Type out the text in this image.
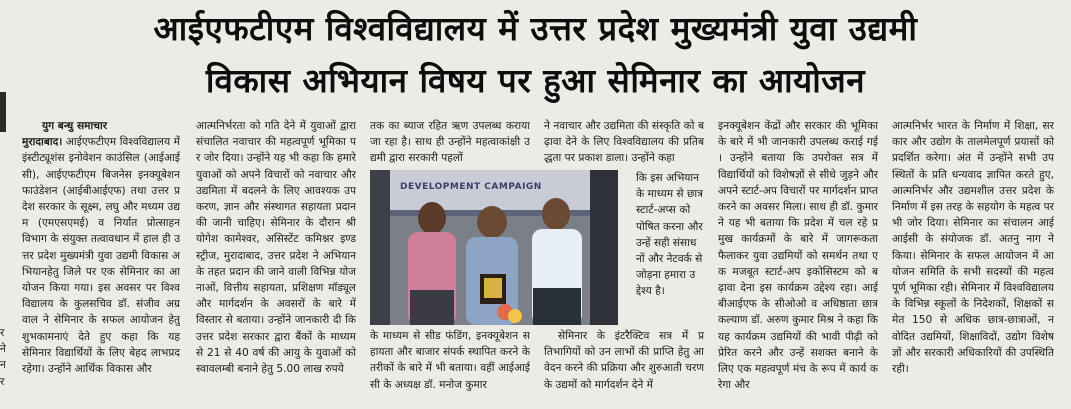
आईएफटीएम विश्वविद्यालय में उत्तर प्रदेश मुख्यमंत्री युवा उद्यमी
विकास अभियान विषय पर हुआ सेमिनार का आयोजन
र
ने
न
र

युग बन्धु समाचार

मुरादाबाद। आईएफटीएम विश्वविद्यालय में इंस्टीट्यूशंस इनोवेशन काउंसिल (आईआईसी), आईएफटीएम बिजनेस इनक्यूबेशन फाउंडेशन (आईबीआईएफ) तथा उत्तर प्रदेश सरकार के सूक्ष्म, लघु और मध्यम उद्यम (एमएसएमई) व निर्यात प्रोत्साहन विभाग के संयुक्त तत्वावधान में हाल ही उत्तर प्रदेश मुख्यमंत्री युवा उद्यमी विकास अभियानहेतु जिले पर एक सेमिनार का आयोजन किया गया। इस अवसर पर विश्वविद्यालय के कुलसचिव डॉ. संजीव अग्रवाल ने सेमिनार के सफल आयोजन हेतु शुभकामनाएं देते हुए कहा कि यह सेमिनार विद्यार्थियों के लिए बेहद लाभप्रद रहेगा। उन्होंने आर्थिक विकास और

आत्मनिर्भरता को गति देने में युवाओं द्वारा संचालित नवाचार की महत्वपूर्ण भूमिका पर जोर दिया। उन्होंने यह भी कहा कि हमारे युवाओं को अपने विचारों को नवाचार और उद्यमिता में बदलने के लिए आवश्यक उपकरण, ज्ञान और संस्थागत सहायता प्रदान की जानी चाहिए। सेमिनार के दौरान श्री योगेश कामेश्वर, असिस्टेंट कमिश्नर इण्डस्ट्रीज, मुरादाबाद, उत्तर प्रदेश ने अभियान के तहत प्रदान की जाने वाली विभिन्न योजनाओं, वित्तीय सहायता, प्रशिक्षण मॉड्यूल और मार्गदर्शन के अवसरों के बारे में विस्तार से बताया। उन्होंने जानकारी दी कि उत्तर प्रदेश सरकार द्वारा बैंकों के माध्यम से 21 से 40 वर्ष की आयु के युवाओं को स्वावलम्बी बनाने हेतु 5.00 लाख रुपये

तक का ब्याज रहित ऋण उपलब्ध कराया जा रहा है। साथ ही उन्होंने महत्वाकांक्षी उद्यमी द्वारा सरकारी पहलों

ने नवाचार और उद्यमिता की संस्कृति को बढ़ावा देने के लिए विश्वविद्यालय की प्रतिबद्धता पर प्रकाश डाला। उन्होंने कहा

DEVELOPMENT CAMPAIGN

कि इस अभियान के माध्यम से छात्र स्टार्ट-अप्स को पोषित करना और उन्हें सही संसाधनों और नेटवर्क से जोड़ना हमारा उद्देश्य है।

के माध्यम से सीड फंडिंग, इनक्यूबेशन सहायता और बाजार संपर्क स्थापित करने के तरीकों के बारे में भी बताया। वहीं आईआईसी के अध्यक्ष डॉ. मनोज कुमार

सेमिनार के इंटरैक्टिव सत्र में प्रतिभागियों को उन लाभों की प्राप्ति हेतु आवेदन करने की प्रक्रिया और शुरुआती चरण के उद्यमों को मार्गदर्शन देने में

इनक्यूबेशन केंद्रों और सरकार की भूमिका के बारे में भी जानकारी उपलब्ध कराई गई। उन्होंने बताया कि उपरोक्त सत्र में विद्यार्थियों को विशेषज्ञों से सीधे जुड़ने और अपने स्टार्ट-अप विचारों पर मार्गदर्शन प्राप्त करने का अवसर मिला। साथ ही डॉ. कुमार ने यह भी बताया कि प्रदेश में चल रहे प्रमुख कार्यक्रमों के बारे में जागरूकता फैलाकर युवा उद्यमियों को समर्थन तथा एक मजबूत स्टार्ट-अप इकोसिस्टम को बढ़ावा देना इस कार्यक्रम उद्देश्य रहा। आईबीआईएफ के सीओओ व अधिष्ठाता छात्र कल्याण डॉ. अरुण कुमार मिश्र ने कहा कि यह कार्यक्रम उद्यमियों की भावी पीढ़ी को प्रेरित करने और उन्हें सशक्त बनाने के लिए एक महत्वपूर्ण मंच के रूप में कार्य करेगा और

आत्मनिर्भर भारत के निर्माण में शिक्षा, सरकार और उद्योग के तालमेलपूर्ण प्रयासों को प्रदर्शित करेगा। अंत में उन्होंने सभी उपस्थितों के प्रति धन्यवाद ज्ञापित करते हुए, आत्मनिर्भर और उद्यमशील उत्तर प्रदेश के निर्माण में इस तरह के सहयोग के महत्व पर भी जोर दिया। सेमिनार का संचालन आईआईसी के संयोजक डॉ. अतनु नाग ने किया। सेमिनार के सफल आयोजन में आयोजन समिति के सभी सदस्यों की महत्वपूर्ण भूमिका रही। सेमिनार में विश्वविद्यालय के विभिन्न स्कूलों के निदेशकों, शिक्षकों समेत 150 से अधिक छात्र-छात्राओं, नवोदित उद्यमियों, शिक्षाविदों, उद्योग विशेषज्ञों और सरकारी अधिकारियों की उपस्थिति रही।
